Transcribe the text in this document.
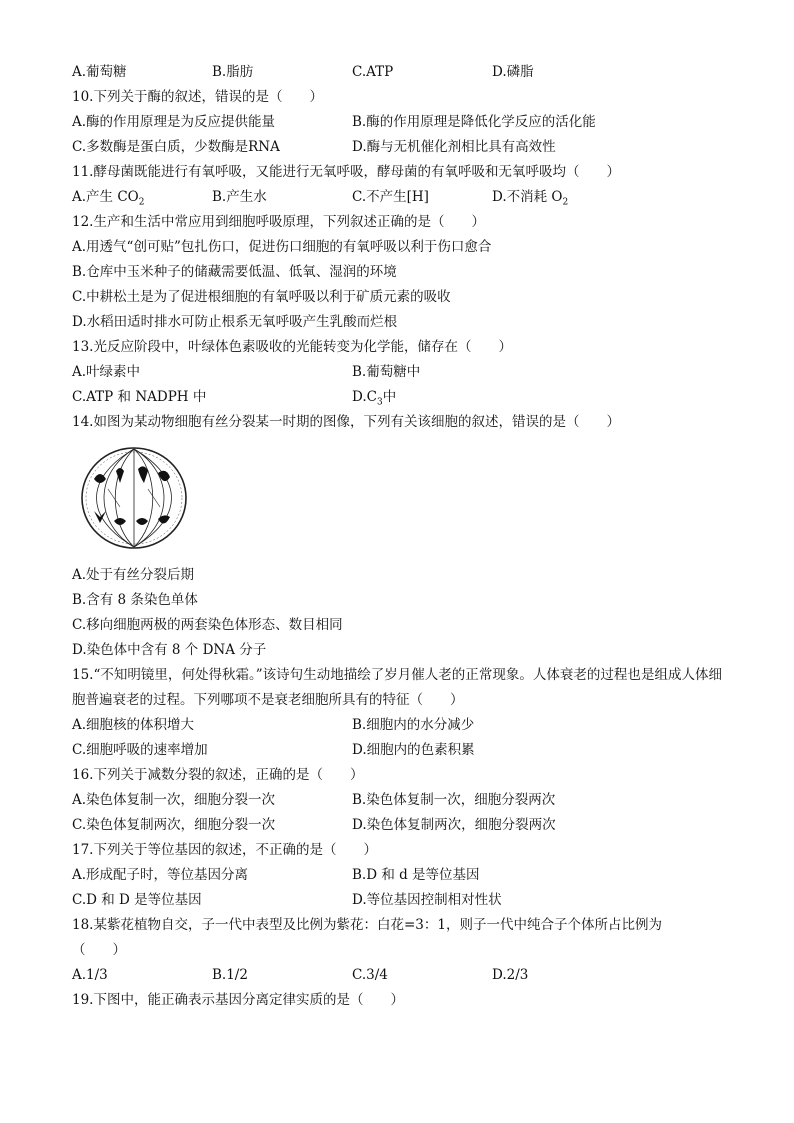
A.葡萄糖	B.脂肪	C.ATP	D.磷脂
10.下列关于酶的叙述，错误的是（　　）
A.酶的作用原理是为反应提供能量	B.酶的作用原理是降低化学反应的活化能
C.多数酶是蛋白质，少数酶是RNA	D.酶与无机催化剂相比具有高效性
11.酵母菌既能进行有氧呼吸，又能进行无氧呼吸，酵母菌的有氧呼吸和无氧呼吸均（　　）
A.产生 $CO_2$	B.产生水	C.不产生[H]	D.不消耗 $O_2$
12.生产和生活中常应用到细胞呼吸原理，下列叙述正确的是（　　）
A.用透气“创可贴”包扎伤口，促进伤口细胞的有氧呼吸以利于伤口愈合
B.仓库中玉米种子的储藏需要低温、低氧、湿润的环境
C.中耕松土是为了促进根细胞的有氧呼吸以利于矿质元素的吸收
D.水稻田适时排水可防止根系无氧呼吸产生乳酸而烂根
13.光反应阶段中，叶绿体色素吸收的光能转变为化学能，储存在（　　）
A.叶绿素中	B.葡萄糖中
C.ATP 和 NADPH 中	$D.C_3$中
14.如图为某动物细胞有丝分裂某一时期的图像，下列有关该细胞的叙述，错误的是（　　）
A.处于有丝分裂后期
B.含有 8 条染色单体
C.移向细胞两极的两套染色体形态、数目相同
D.染色体中含有 8 个 DNA 分子
15.“不知明镜里，何处得秋霜。”该诗句生动地描绘了岁月催人老的正常现象。人体衰老的过程也是组成人体细胞普遍衰老的过程。下列哪项不是衰老细胞所具有的特征（　　）
A.细胞核的体积增大	B.细胞内的水分减少
C.细胞呼吸的速率增加	D.细胞内的色素积累
16.下列关于减数分裂的叙述，正确的是（　　）
A.染色体复制一次，细胞分裂一次	B.染色体复制一次，细胞分裂两次
C.染色体复制两次，细胞分裂一次	D.染色体复制两次，细胞分裂两次
17.下列关于等位基因的叙述，不正确的是（　　）
A.形成配子时，等位基因分离	B.D 和 d 是等位基因
C.D 和 D 是等位基因	D.等位基因控制相对性状
18.某紫花植物自交，子一代中表型及比例为紫花：白花=3：1，则子一代中纯合子个体所占比例为
（　　）
A.1/3	B.1/2	C.3/4	D.2/3
19.下图中，能正确表示基因分离定律实质的是（　　）
